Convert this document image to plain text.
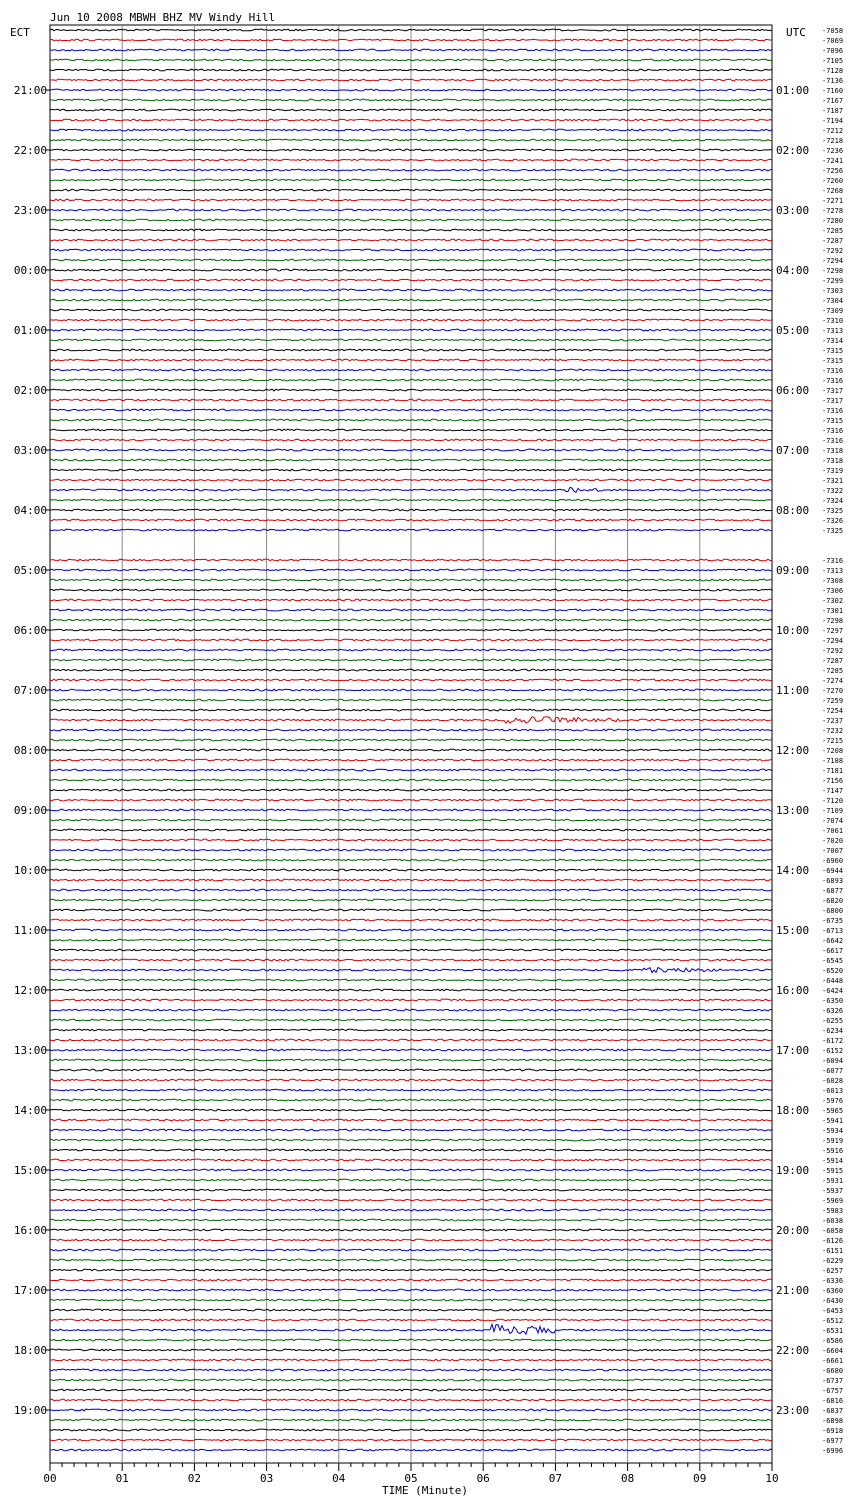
Jun 10 2008 MBWH BHZ MV Windy Hill
ECT	UTC
21:00
22:00
23:00
00:00
01:00
02:00
03:00
04:00
05:00
06:00
07:00
08:00
09:00
10:00
11:00
12:00
13:00
14:00
15:00
16:00
17:00
18:00
19:00
01:00
02:00
03:00
04:00
05:00
06:00
07:00
08:00
09:00
10:00
11:00
12:00
13:00
14:00
15:00
16:00
17:00
18:00
19:00
20:00
21:00
22:00
23:00
-7058
-7069
-7096
-7105
-7128
-7136
-7160
-7167
-7187
-7194
-7212
-7218
-7236
-7241
-7256
-7260
-7268
-7271
-7278
-7280
-7285
-7287
-7292
-7294
-7298
-7299
-7303
-7304
-7309
-7310
-7313
-7314
-7315
-7315
-7316
-7316
-7317
-7317
-7316
-7315
-7316
-7316
-7318
-7318
-7319
-7321
-7322
-7324
-7325
-7326
-7325
-7316
-7313
-7308
-7306
-7302
-7301
-7298
-7297
-7294
-7292
-7287
-7285
-7274
-7270
-7259
-7254
-7237
-7232
-7215
-7208
-7188
-7181
-7156
-7147
-7120
-7109
-7074
-7061
-7020
-7007
-6960
-6944
-6893
-6877
-6820
-6800
-6735
-6713
-6642
-6617
-6545
-6520
-6448
-6424
-6350
-6326
-6255
-6234
-6172
-6152
-6094
-6077
-6028
-6013
-5976
-5965
-5941
-5934
-5919
-5916
-5914
-5915
-5931
-5937
-5969
-5983
-6038
-6058
-6126
-6151
-6229
-6257
-6336
-6360
-6430
-6453
-6512
-6531
-6586
-6604
-6661
-6680
-6737
-6757
-6816
-6837
-6898
-6918
-6977
-6996
00	01	02	03	04	05	06	07	08	09	10
TIME (Minute)
